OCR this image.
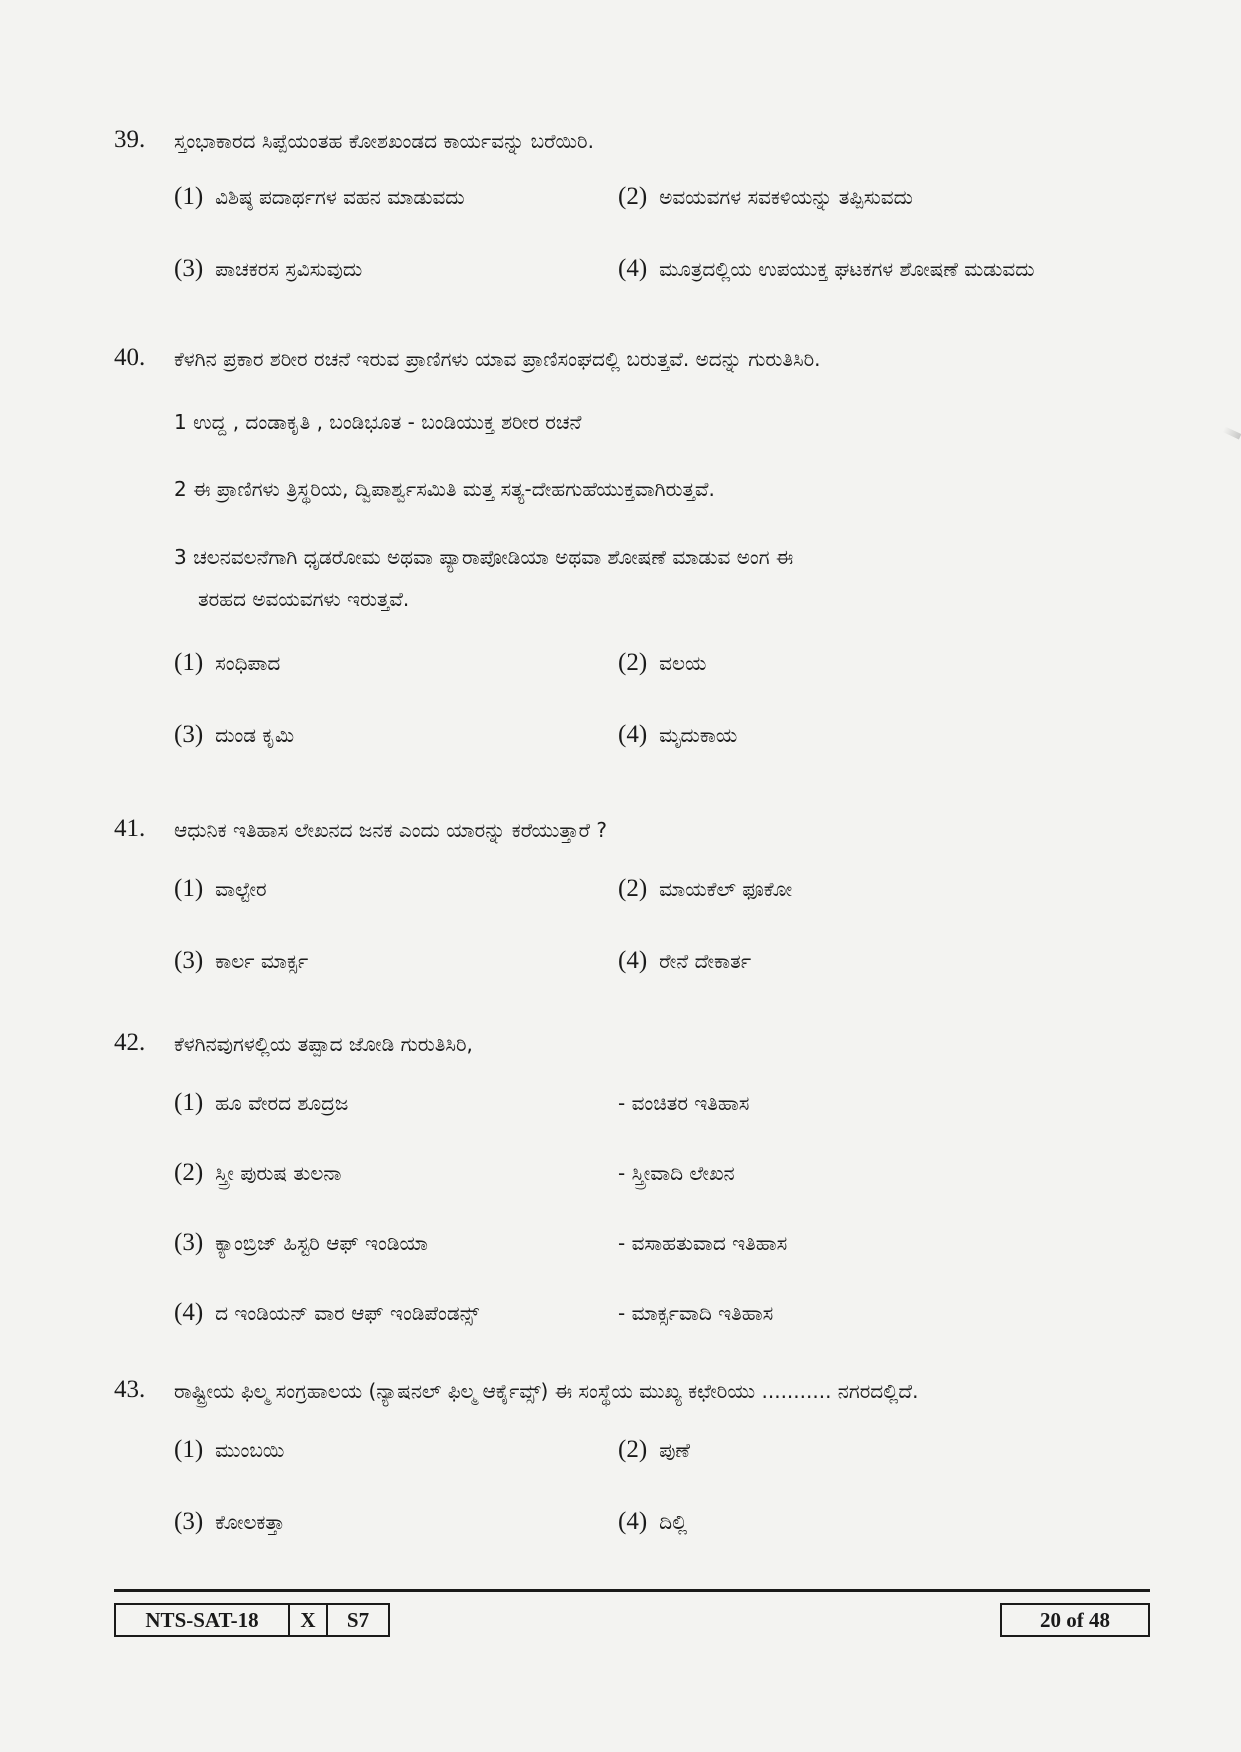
39. ಸ್ತಂಭಾಕಾರದ ಸಿಪ್ಪೆಯಂತಹ ಕೋಶಖಂಡದ ಕಾರ್ಯವನ್ನು ಬರೆಯಿರಿ.
(1) ವಿಶಿಷ್ಠ ಪದಾರ್ಥಗಳ ವಹನ ಮಾಡುವದು	(2) ಅವಯವಗಳ ಸವಕಳಿಯನ್ನು ತಪ್ಪಿಸುವದು
(3) ಪಾಚಕರಸ ಸ್ರವಿಸುವುದು	(4) ಮೂತ್ರದಲ್ಲಿಯ ಉಪಯುಕ್ತ ಘಟಕಗಳ ಶೋಷಣೆ ಮಡುವದು
40. ಕೆಳಗಿನ ಪ್ರಕಾರ ಶರೀರ ರಚನೆ ಇರುವ ಪ್ರಾಣಿಗಳು ಯಾವ ಪ್ರಾಣಿಸಂಘದಲ್ಲಿ ಬರುತ್ತವೆ. ಅದನ್ನು ಗುರುತಿಸಿರಿ.
1 ಉದ್ದ , ದಂಡಾಕೃತಿ , ಬಂಡಿಭೂತ - ಬಂಡಿಯುಕ್ತ ಶರೀರ ರಚನೆ
2 ಈ ಪ್ರಾಣಿಗಳು ತ್ರಿಸ್ಥರಿಯ, ದ್ವಿಪಾರ್ಶ್ವಸಮಿತಿ ಮತ್ತ ಸತ್ಯ-ದೇಹಗುಹೆಯುಕ್ತವಾಗಿರುತ್ತವೆ.
3 ಚಲನವಲನೆಗಾಗಿ ಧೃಡರೋಮ ಅಥವಾ ಪ್ಯಾರಾಪೋಡಿಯಾ ಅಥವಾ ಶೋಷಣೆ ಮಾಡುವ ಅಂಗ ಈ
ತರಹದ ಅವಯವಗಳು ಇರುತ್ತವೆ.
(1) ಸಂಧಿಪಾದ	(2) ವಲಯ
(3) ದುಂಡ ಕೃಮಿ	(4) ಮೃದುಕಾಯ
41. ಆಧುನಿಕ ಇತಿಹಾಸ ಲೇಖನದ ಜನಕ ಎಂದು ಯಾರನ್ನು ಕರೆಯುತ್ತಾರೆ ?
(1) ವಾಲ್ಟೇರ	(2) ಮಾಯಕೆಲ್ ಫೂಕೋ
(3) ಕಾರ್ಲ ಮಾರ್ಕ್ಸ	(4) ರೇನೆ ದೇಕಾರ್ತ
42. ಕೆಳಗಿನವುಗಳಲ್ಲಿಯ ತಪ್ಪಾದ ಜೋಡಿ ಗುರುತಿಸಿರಿ,
(1) ಹೂ ವೇರದ ಶೂದ್ರಜ	- ವಂಚಿತರ ಇತಿಹಾಸ
(2) ಸ್ತ್ರೀ ಪುರುಷ ತುಲನಾ	- ಸ್ತ್ರೀವಾದಿ ಲೇಖನ
(3) ಕ್ಯಾಂಬ್ರಿಜ್ ಹಿಸ್ಟರಿ ಆಫ್ ಇಂಡಿಯಾ	- ವಸಾಹತುವಾದ ಇತಿಹಾಸ
(4) ದ ಇಂಡಿಯನ್ ವಾರ ಆಫ್ ಇಂಡಿಪೆಂಡನ್ಸ್	- ಮಾರ್ಕ್ಸವಾದಿ ಇತಿಹಾಸ
43. ರಾಷ್ಟ್ರೀಯ ಫಿಲ್ಮ ಸಂಗ್ರಹಾಲಯ (ನ್ಯಾಷನಲ್ ಫಿಲ್ಮ ಆರ್ಕೈವ್ಸ್) ಈ ಸಂಸ್ಥೆಯ ಮುಖ್ಯ ಕಛೇರಿಯು ........... ನಗರದಲ್ಲಿದೆ.
(1) ಮುಂಬಯಿ	(2) ಪುಣೆ
(3) ಕೋಲಕತ್ತಾ	(4) ದಿಲ್ಲಿ
NTS-SAT-18	X	S7	20 of 48
